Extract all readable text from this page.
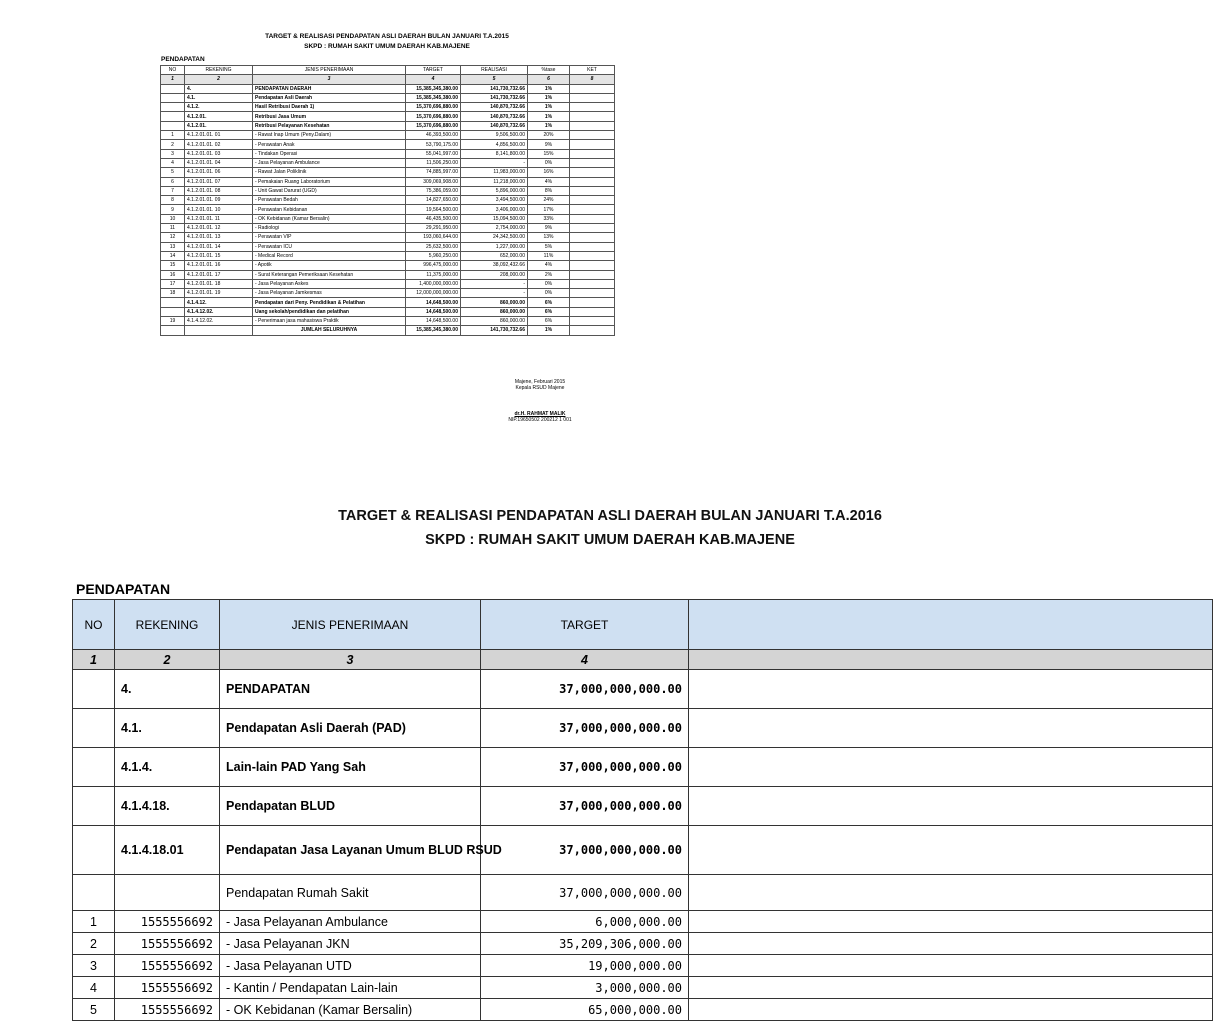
TARGET & REALISASI PENDAPATAN ASLI DAERAH BULAN JANUARI T.A.2015
SKPD : RUMAH SAKIT UMUM DAERAH KAB.MAJENE
PENDAPATAN
NO	REKENING	JENIS PENERIMAAN	TARGET	REALISASI	%tase	KET
1	2	3	4	5	6	8
	4.	PENDAPATAN DAERAH	15,385,345,380.00	141,730,732.66	1%	
	4.1.	Pendapatan Asli Daerah	15,385,345,380.00	141,730,732.66	1%	
	4.1.2.	Hasil Retribusi Daerah 1)	15,370,696,880.00	140,870,732.66	1%	
	4.1.2.01.	Retribusi Jasa Umum	15,370,696,880.00	140,870,732.66	1%	
	4.1.2.01.	Retribusi Pelayanan Kesehatan	15,370,696,880.00	140,870,732.66	1%	
1	4.1.2.01.01. 01	- Rawat Inap Umum (Peny.Dalam)	46,393,500.00	9,506,500.00	20%	
2	4.1.2.01.01. 02	- Perawatan Anak	53,790,175.00	4,856,500.00	9%	
3	4.1.2.01.01. 03	- Tindakan Operasi	55,041,997.00	8,141,800.00	15%	
4	4.1.2.01.01. 04	- Jasa Pelayanan Ambulance	11,506,250.00	-	0%	
5	4.1.2.01.01. 06	- Rawat Jalan Poliklinik	74,885,997.00	11,983,000.00	16%	
6	4.1.2.01.01. 07	- Pemakaian Ruang Laboratorium	309,069,908.00	11,218,000.00	4%	
7	4.1.2.01.01. 08	- Unit Gawat Darurat (UGD)	75,386,059.00	5,896,000.00	8%	
8	4.1.2.01.01. 09	- Perawatan Bedah	14,827,650.00	3,494,500.00	24%	
9	4.1.2.01.01. 10	- Perawatan Kebidanan	19,564,500.00	3,406,000.00	17%	
10	4.1.2.01.01. 11	- OK Kebidanan (Kamar Bersalin)	46,435,500.00	15,094,500.00	33%	
11	4.1.2.01.01. 12	- Radiologi	29,291,950.00	2,754,000.00	9%	
12	4.1.2.01.01. 13	- Perawatan VIP	193,060,644.00	24,342,500.00	13%	
13	4.1.2.01.01. 14	- Perawatan ICU	25,632,500.00	1,227,000.00	5%	
14	4.1.2.01.01. 15	- Medical Record	5,960,250.00	652,000.00	11%	
15	4.1.2.01.01. 16	- Apotik	996,475,000.00	38,092,432.66	4%	
16	4.1.2.01.01. 17	- Surat Keterangan Pemeriksaan Kesehatan	11,375,000.00	208,000.00	2%	
17	4.1.2.01.01. 18	- Jasa Pelayanan Askes	1,400,000,000.00	-	0%	
18	4.1.2.01.01. 19	- Jasa Pelayanan Jamkesmas	12,000,000,000.00	-	0%	
	4.1.4.12.	Pendapatan dari Peny. Pendidikan & Pelatihan	14,648,500.00	860,000.00	6%	
	4.1.4.12.02.	Uang sekolah/pendidikan dan pelatihan	14,648,500.00	860,000.00	6%	
19	4.1.4.12.02.	- Penerimaan jasa mahasiswa Praktik	14,648,500.00	860,000.00	6%	
		JUMLAH SELURUHNYA	15,385,345,380.00	141,730,732.66	1%	
Majene, Februari 2015
Kepala RSUD Majene
dr.H. RAHMAT MALIK
NIP.19650502 200212 1 001
TARGET & REALISASI PENDAPATAN ASLI DAERAH BULAN JANUARI T.A.2016
SKPD : RUMAH SAKIT UMUM DAERAH KAB.MAJENE
PENDAPATAN
NO	REKENING	JENIS PENERIMAAN	TARGET	
1	2	3	4	
	4.	PENDAPATAN	37,000,000,000.00	
	4.1.	Pendapatan Asli Daerah (PAD)	37,000,000,000.00	
	4.1.4.	Lain-lain PAD Yang Sah	37,000,000,000.00	
	4.1.4.18.	Pendapatan BLUD	37,000,000,000.00	
	4.1.4.18.01	Pendapatan Jasa Layanan Umum BLUD RSUD	37,000,000,000.00	
		Pendapatan Rumah Sakit	37,000,000,000.00	
1	1555556692	- Jasa Pelayanan Ambulance	6,000,000.00	
2	1555556692	- Jasa Pelayanan JKN	35,209,306,000.00	
3	1555556692	- Jasa Pelayanan UTD	19,000,000.00	
4	1555556692	- Kantin / Pendapatan Lain-lain	3,000,000.00	
5	1555556692	- OK Kebidanan (Kamar Bersalin)	65,000,000.00	
